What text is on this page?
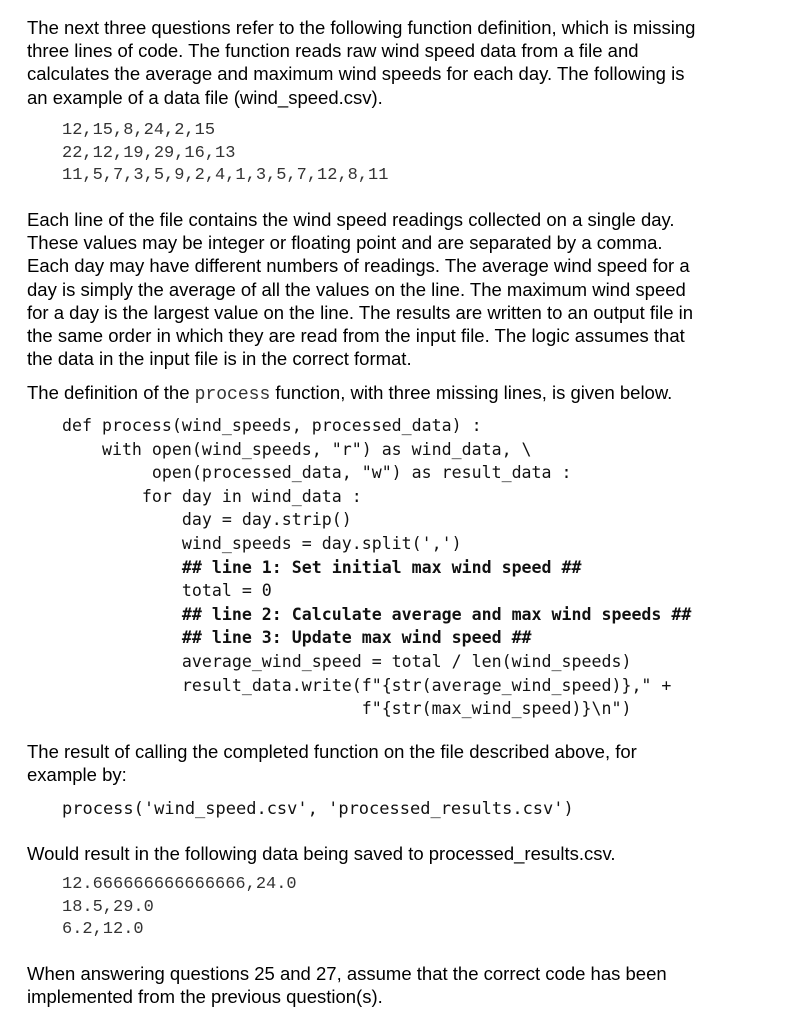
The next three questions refer to the following function definition, which is missing
three lines of code. The function reads raw wind speed data from a file and
calculates the average and maximum wind speeds for each day. The following is
an example of a data file (wind_speed.csv).

12,15,8,24,2,15
22,12,19,29,16,13
11,5,7,3,5,9,2,4,1,3,5,7,12,8,11

Each line of the file contains the wind speed readings collected on a single day.
These values may be integer or floating point and are separated by a comma.
Each day may have different numbers of readings. The average wind speed for a
day is simply the average of all the values on the line. The maximum wind speed
for a day is the largest value on the line. The results are written to an output file in
the same order in which they are read from the input file. The logic assumes that
the data in the input file is in the correct format.

The definition of the process function, with three missing lines, is given below.

def process(wind_speeds, processed_data) :
with open(wind_speeds, "r") as wind_data, \
open(processed_data, "w") as result_data :
for day in wind_data :
day = day.strip()
wind_speeds = day.split(',')
## line 1: Set initial max wind speed ##
total = 0
## line 2: Calculate average and max wind speeds ##
## line 3: Update max wind speed ##
average_wind_speed = total / len(wind_speeds)
result_data.write(f"{str(average_wind_speed)}," +
f"{str(max_wind_speed)}\n")

The result of calling the completed function on the file described above, for
example by:

process('wind_speed.csv', 'processed_results.csv')

Would result in the following data being saved to processed_results.csv.

12.666666666666666,24.0
18.5,29.0
6.2,12.0

When answering questions 25 and 27, assume that the correct code has been
implemented from the previous question(s).
